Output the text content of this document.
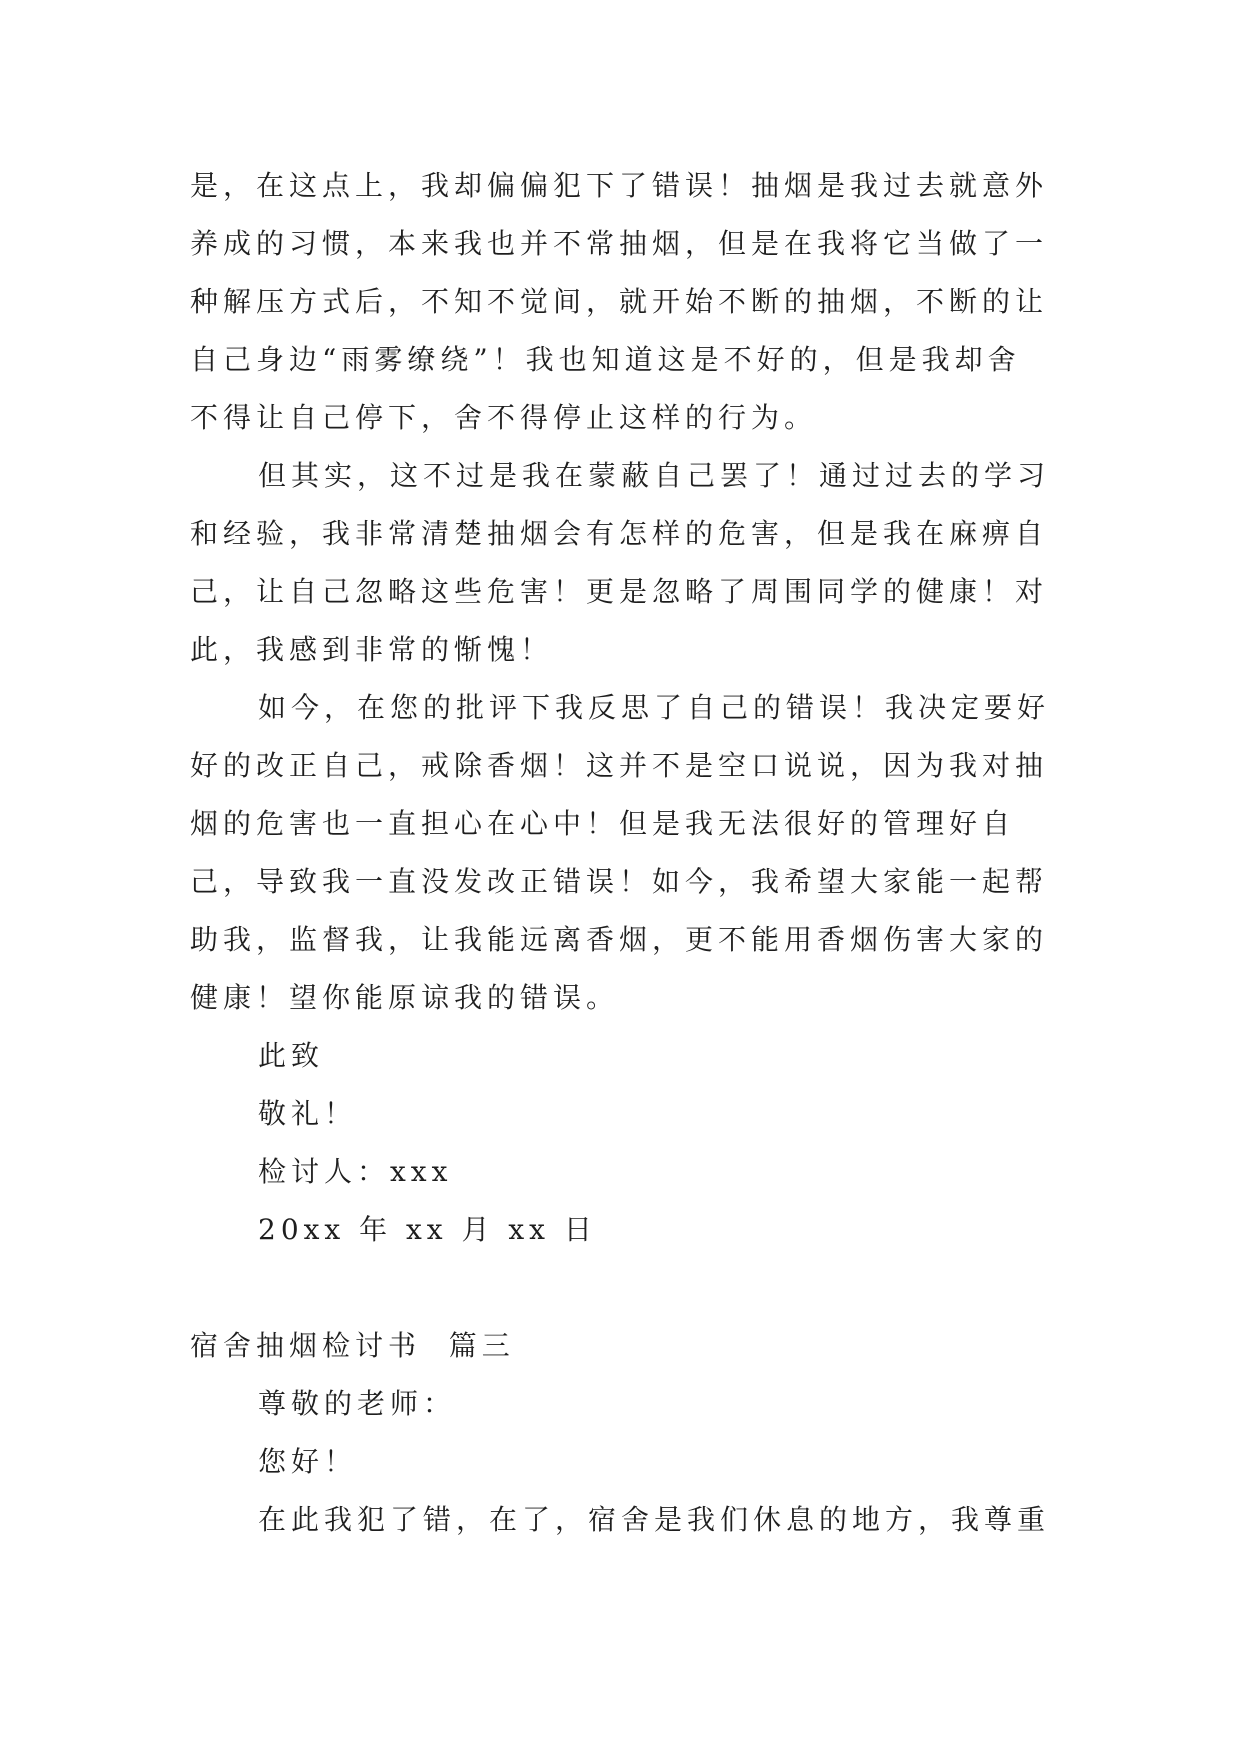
是，在这点上，我却偏偏犯下了错误！抽烟是我过去就意外
养成的习惯，本来我也并不常抽烟，但是在我将它当做了一
种解压方式后，不知不觉间，就开始不断的抽烟，不断的让
自己身边“雨雾缭绕”！我也知道这是不好的，但是我却舍
不得让自己停下，舍不得停止这样的行为。
但其实，这不过是我在蒙蔽自己罢了！通过过去的学习
和经验，我非常清楚抽烟会有怎样的危害，但是我在麻痹自
己，让自己忽略这些危害！更是忽略了周围同学的健康！对
此，我感到非常的惭愧！
如今，在您的批评下我反思了自己的错误！我决定要好
好的改正自己，戒除香烟！这并不是空口说说，因为我对抽
烟的危害也一直担心在心中！但是我无法很好的管理好自
己，导致我一直没发改正错误！如今，我希望大家能一起帮
助我，监督我，让我能远离香烟，更不能用香烟伤害大家的
健康！望你能原谅我的错误。
此致
敬礼！
检讨人：xxx
20xx 年 xx 月 xx 日
宿舍抽烟检讨书  篇三
尊敬的老师：
您好！
在此我犯了错，在了，宿舍是我们休息的地方，我尊重
